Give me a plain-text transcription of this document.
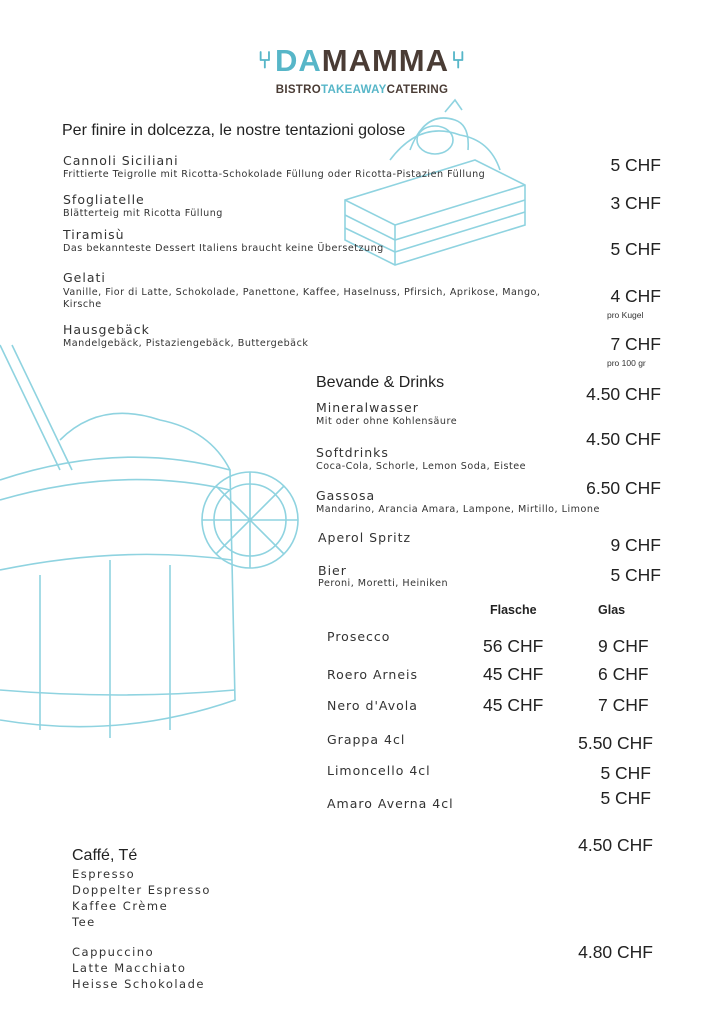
⑂DAMAMMA⑂
BISTROTAKEAWAYCATERING
Per finire in dolcezza, le nostre tentazioni golose
Cannoli Siciliani
Frittierte Teigrolle mit Ricotta-Schokolade Füllung oder Ricotta-Pistazien Füllung	5 CHF
Sfogliatelle
Blätterteig mit Ricotta Füllung
3 CHF
Tiramisù
Das bekannteste Dessert Italiens braucht keine Übersetzung	5 CHF
Gelati
Vanille, Fior di Latte, Schokolade, Panettone, Kaffee, Haselnuss, Pfirsich, Aprikose, Mango, Kirsche	4 CHF
pro Kugel
Hausgebäck
Mandelgebäck, Pistaziengebäck, Buttergebäck	7 CHF
pro 100 gr
Bevande & Drinks
Mineralwasser
Mit oder ohne Kohlensäure
4.50 CHF
Softdrinks
Coca-Cola, Schorle, Lemon Soda, Eistee
4.50 CHF
Gassosa
Mandarino, Arancia Amara, Lampone, Mirtillo, Limone
6.50 CHF
Aperol Spritz	9 CHF
Bier
Peroni, Moretti, Heiniken	5 CHF
Flasche	Glas
Prosecco	56 CHF	9 CHF
Roero Arneis	45 CHF	6 CHF
Nero d'Avola	45 CHF	7 CHF
Grappa 4cl	5.50 CHF
Limoncello 4cl	5 CHF
Amaro Averna 4cl	5 CHF
Caffé, Té
4.50 CHF
Espresso
Doppelter Espresso
Kaffee Crème
Tee
4.80 CHF
Cappuccino
Latte Macchiato
Heisse Schokolade
